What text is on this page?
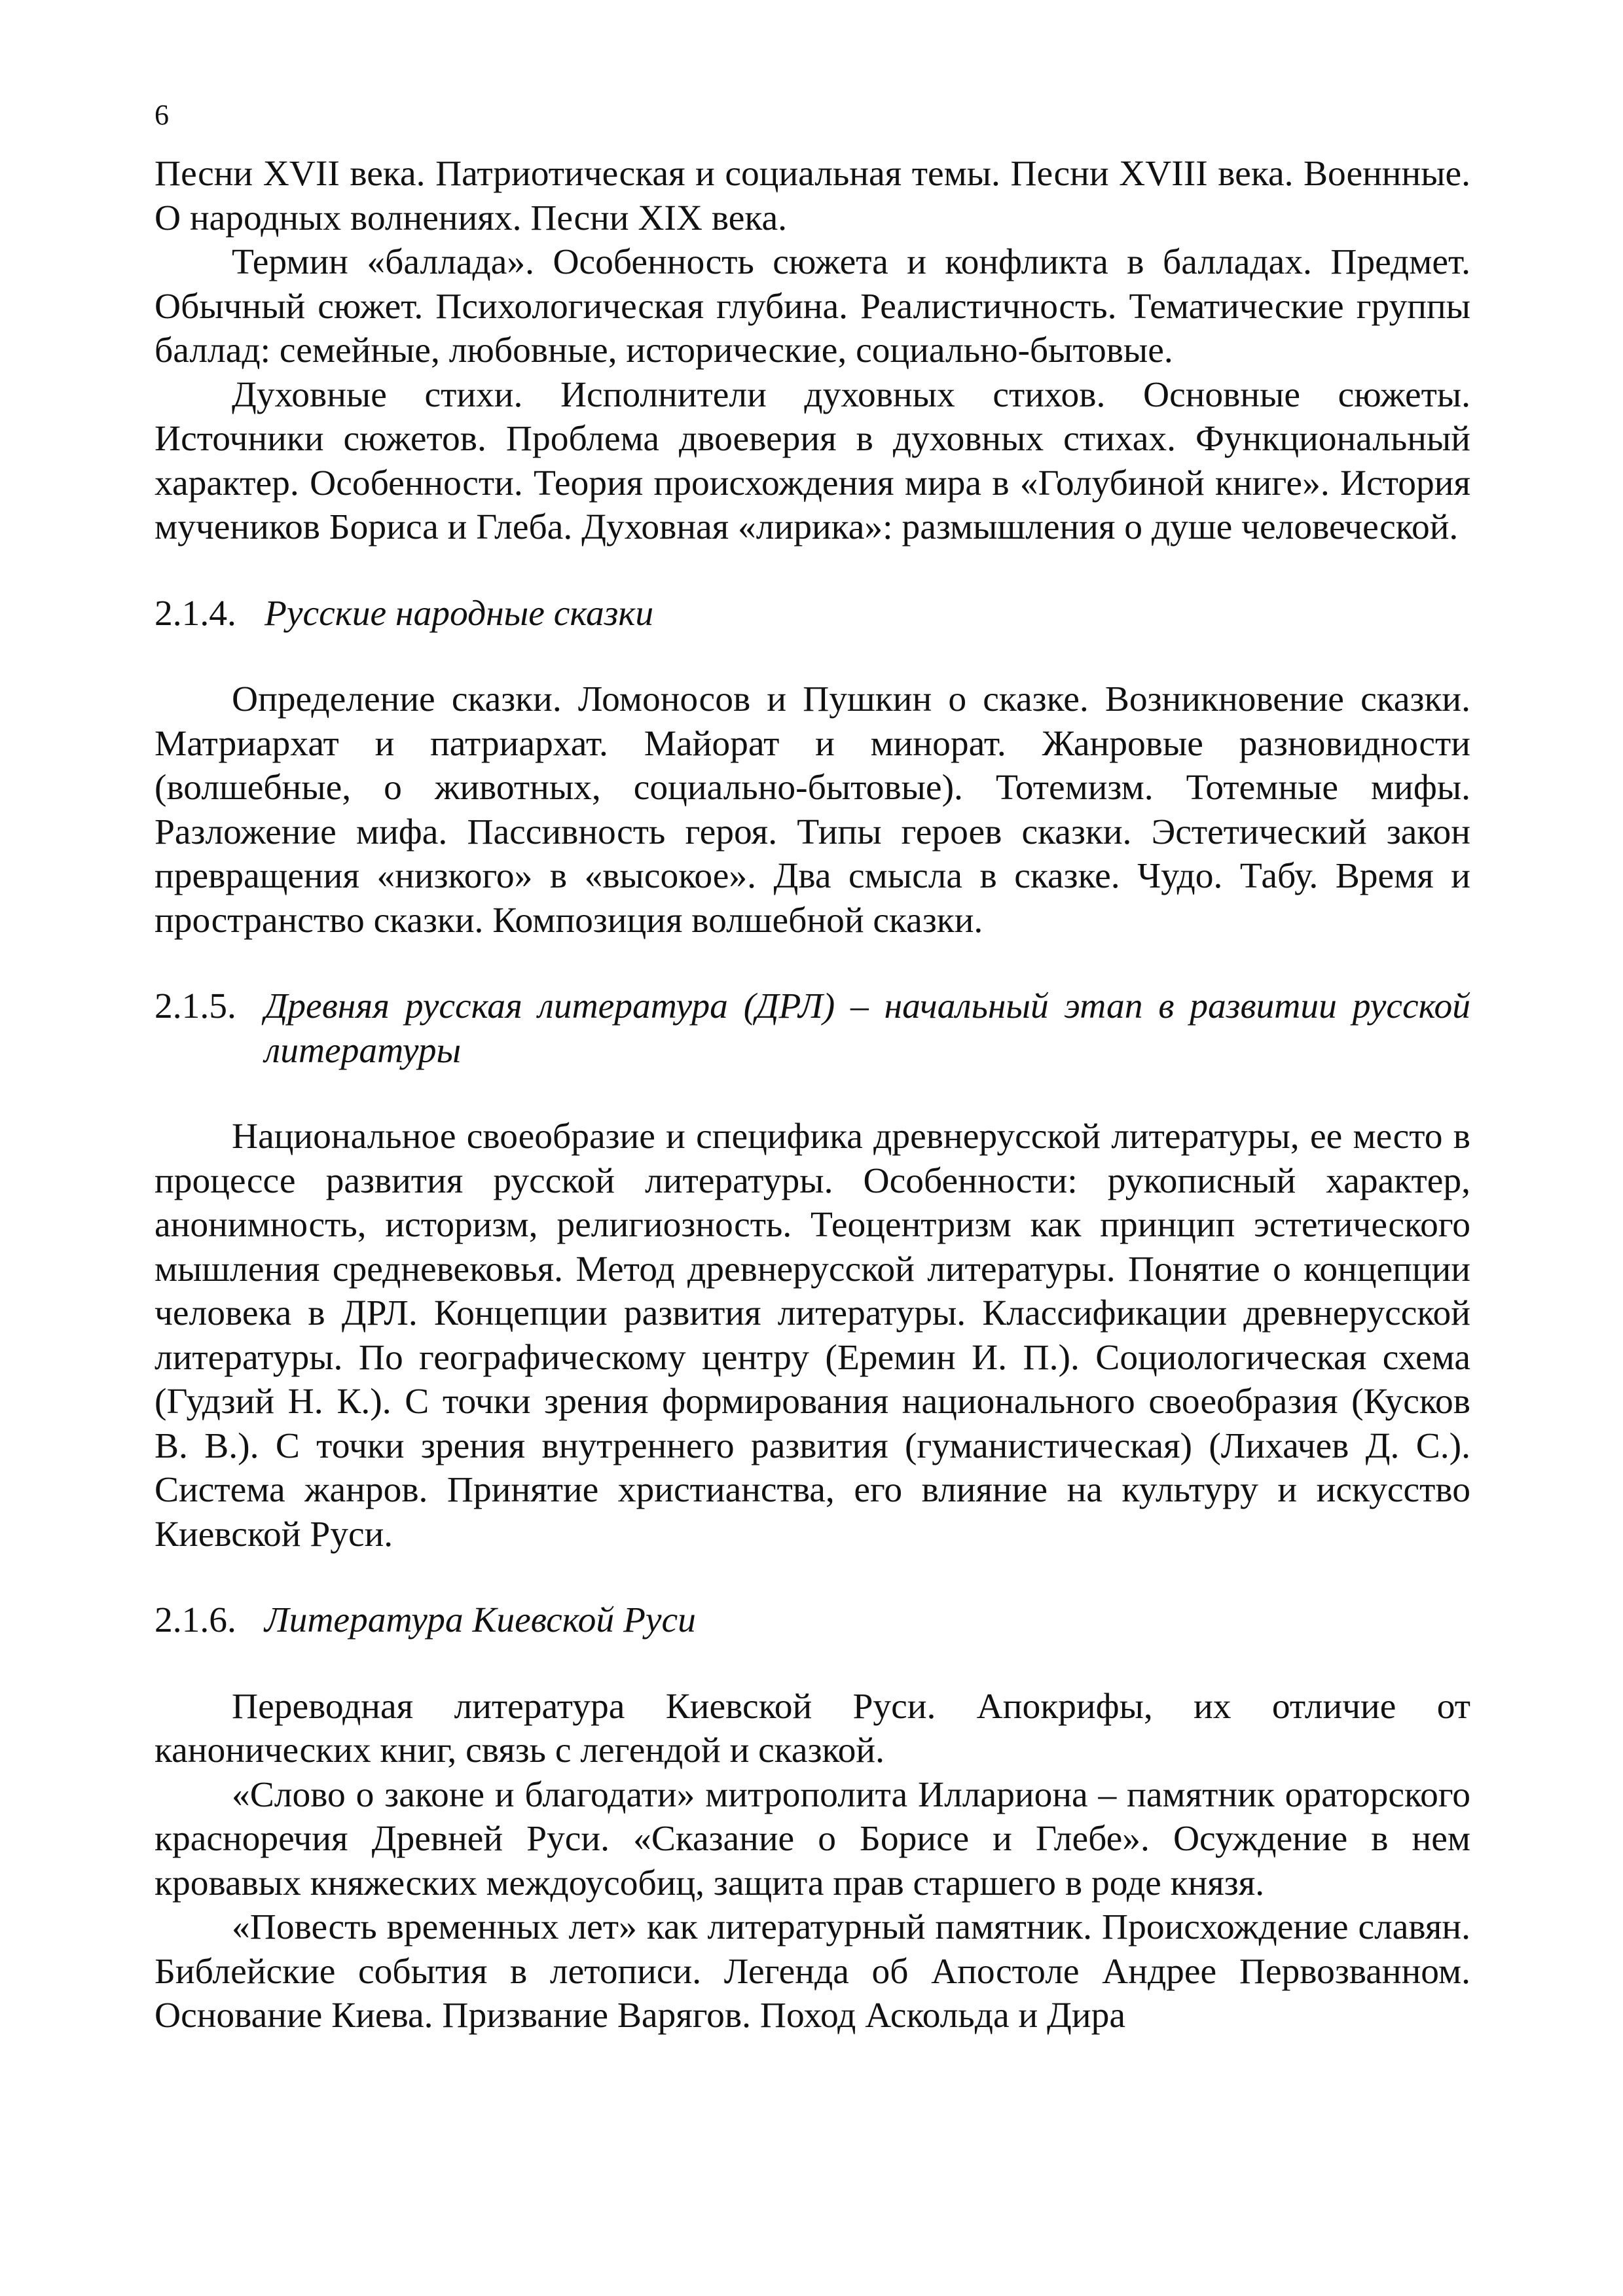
6

Песни XVII века. Патриотическая и социальная темы. Песни XVIII века. Военнные. О народных волнениях. Песни XIX века.

Термин «баллада». Особенность сюжета и конфликта в балладах. Предмет. Обычный сюжет. Психологическая глубина. Реалистичность. Тематические группы баллад: семейные, любовные, исторические, социально-бытовые.

Духовные стихи. Исполнители духовных стихов. Основные сюжеты. Источники сюжетов. Проблема двоеверия в духовных стихах. Функциональный характер. Особенности. Теория происхождения мира в «Голубиной книге». История мучеников Бориса и Глеба. Духовная «лирика»: размышления о душе человеческой.

2.1.4. Русские народные сказки

Определение сказки. Ломоносов и Пушкин о сказке. Возникновение сказки. Матриархат и патриархат. Майорат и минорат. Жанровые разновидности (волшебные, о животных, социально-бытовые). Тотемизм. Тотемные мифы. Разложение мифа. Пассивность героя. Типы героев сказки. Эстетический закон превращения «низкого» в «высокое». Два смысла в сказке. Чудо. Табу. Время и пространство сказки. Композиция волшебной сказки.

2.1.5. Древняя русская литература (ДРЛ) – начальный этап в развитии русской литературы

Национальное своеобразие и специфика древнерусской литературы, ее место в процессе развития русской литературы. Особенности: рукописный характер, анонимность, историзм, религиозность. Теоцентризм как принцип эстетического мышления средневековья. Метод древнерусской литературы. Понятие о концепции человека в ДРЛ. Концепции развития литературы. Классификации древнерусской литературы. По географическому центру (Еремин И. П.). Социологическая схема (Гудзий Н. К.). С точки зрения формирования национального своеобразия (Кусков В. В.). С точки зрения внутреннего развития (гуманистическая) (Лихачев Д. С.). Система жанров. Принятие христианства, его влияние на культуру и искусство Киевской Руси.

2.1.6. Литература Киевской Руси

Переводная литература Киевской Руси. Апокрифы, их отличие от канонических книг, связь с легендой и сказкой.

«Слово о законе и благодати» митрополита Иллариона – памятник ораторского красноречия Древней Руси. «Сказание о Борисе и Глебе». Осуждение в нем кровавых княжеских междоусобиц, защита прав старшего в роде князя.

«Повесть временных лет» как литературный памятник. Происхождение славян. Библейские события в летописи. Легенда об Апостоле Андрее Первозванном. Основание Киева. Призвание Варягов. Поход Аскольда и Дира
